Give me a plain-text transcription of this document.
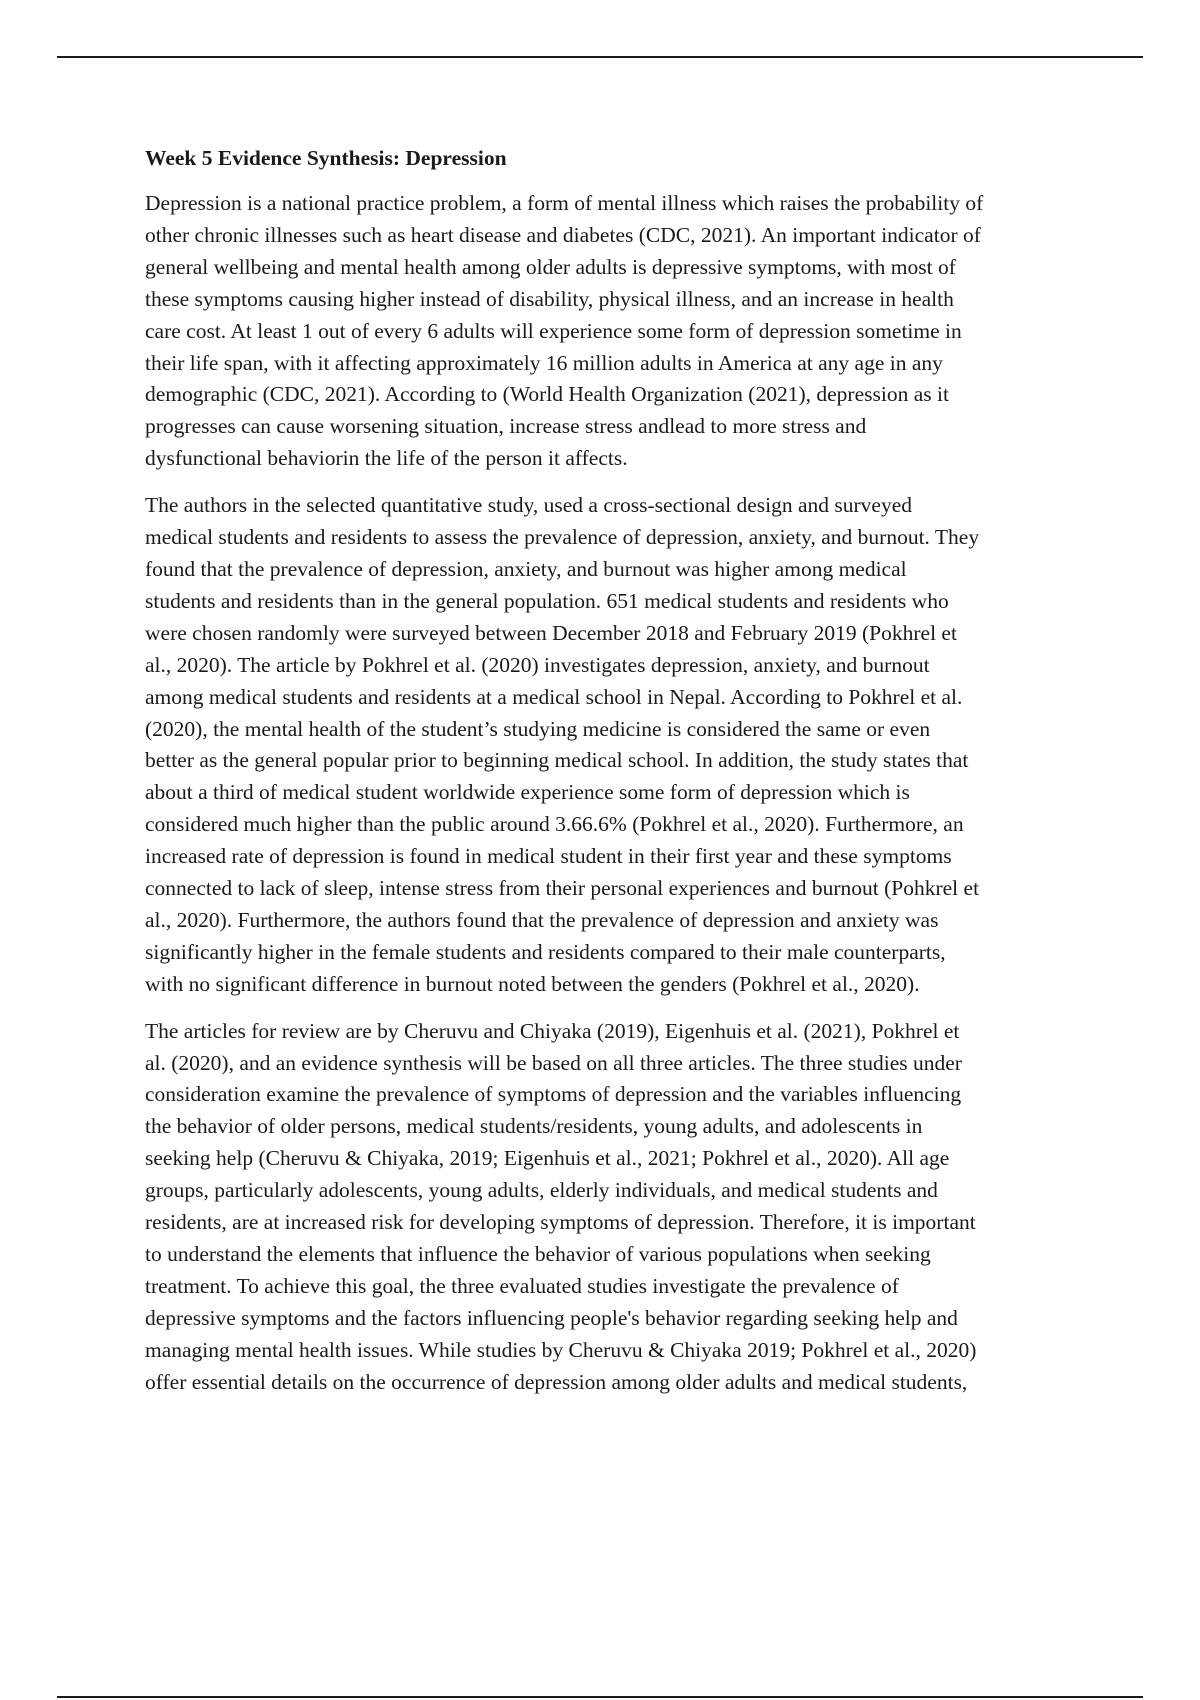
Week 5 Evidence Synthesis: Depression
Depression is a national practice problem, a form of mental illness which raises the probability of
other chronic illnesses such as heart disease and diabetes (CDC, 2021). An important indicator of
general wellbeing and mental health among older adults is depressive symptoms, with most of
these symptoms causing higher instead of disability, physical illness, and an increase in health
care cost. At least 1 out of every 6 adults will experience some form of depression sometime in
their life span, with it affecting approximately 16 million adults in America at any age in any
demographic (CDC, 2021). According to (World Health Organization (2021), depression as it
progresses can cause worsening situation, increase stress andlead to more stress and
dysfunctional behaviorin the life of the person it affects.
The authors in the selected quantitative study, used a cross-sectional design and surveyed
medical students and residents to assess the prevalence of depression, anxiety, and burnout. They
found that the prevalence of depression, anxiety, and burnout was higher among medical
students and residents than in the general population. 651 medical students and residents who
were chosen randomly were surveyed between December 2018 and February 2019 (Pokhrel et
al., 2020). The article by Pokhrel et al. (2020) investigates depression, anxiety, and burnout
among medical students and residents at a medical school in Nepal. According to Pokhrel et al.
(2020), the mental health of the student’s studying medicine is considered the same or even
better as the general popular prior to beginning medical school. In addition, the study states that
about a third of medical student worldwide experience some form of depression which is
considered much higher than the public around 3.66.6% (Pokhrel et al., 2020). Furthermore, an
increased rate of depression is found in medical student in their first year and these symptoms
connected to lack of sleep, intense stress from their personal experiences and burnout (Pohkrel et
al., 2020). Furthermore, the authors found that the prevalence of depression and anxiety was
significantly higher in the female students and residents compared to their male counterparts,
with no significant difference in burnout noted between the genders (Pokhrel et al., 2020).
The articles for review are by Cheruvu and Chiyaka (2019), Eigenhuis et al. (2021), Pokhrel et
al. (2020), and an evidence synthesis will be based on all three articles. The three studies under
consideration examine the prevalence of symptoms of depression and the variables influencing
the behavior of older persons, medical students/residents, young adults, and adolescents in
seeking help (Cheruvu & Chiyaka, 2019; Eigenhuis et al., 2021; Pokhrel et al., 2020). All age
groups, particularly adolescents, young adults, elderly individuals, and medical students and
residents, are at increased risk for developing symptoms of depression. Therefore, it is important
to understand the elements that influence the behavior of various populations when seeking
treatment. To achieve this goal, the three evaluated studies investigate the prevalence of
depressive symptoms and the factors influencing people's behavior regarding seeking help and
managing mental health issues. While studies by Cheruvu & Chiyaka 2019; Pokhrel et al., 2020)
offer essential details on the occurrence of depression among older adults and medical students,
